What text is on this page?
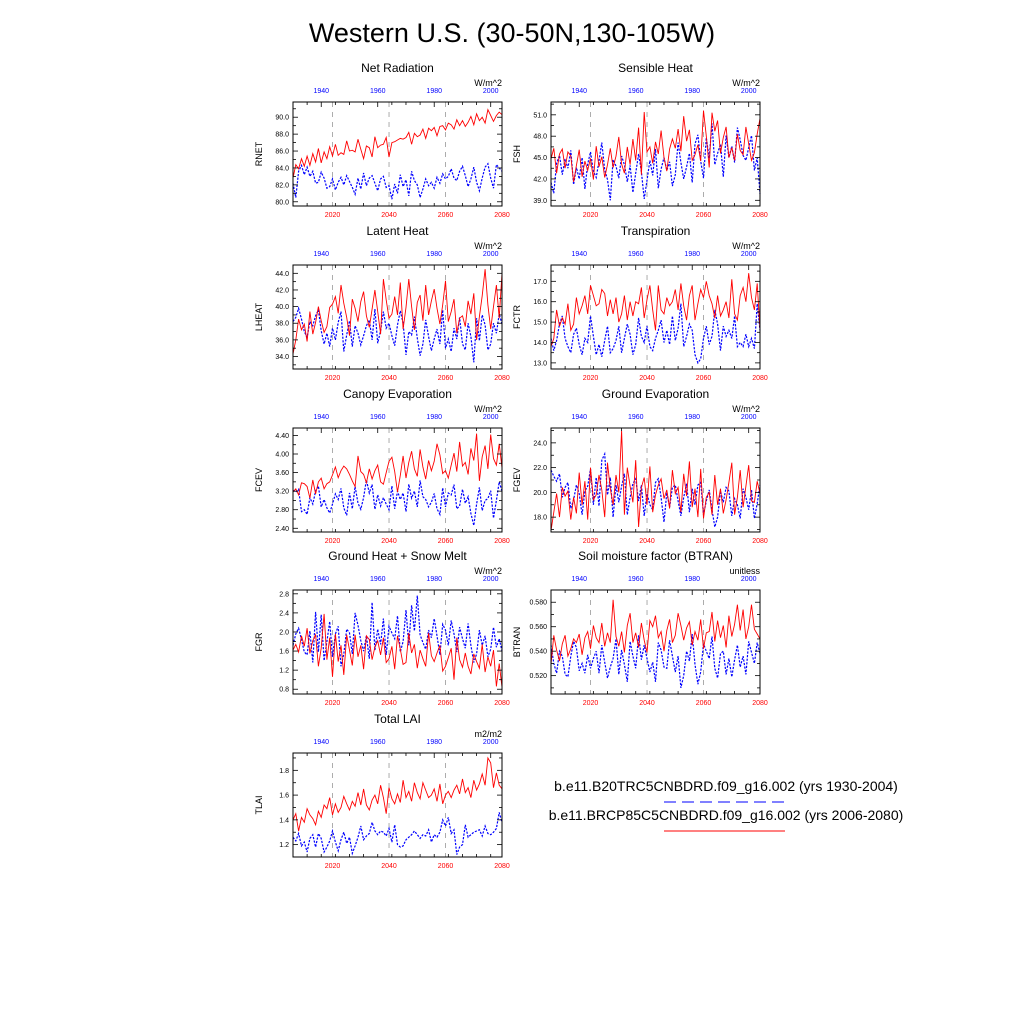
Western U.S. (30-50N,130-105W)
Net Radiation
W/m^2
RNET
80.0
82.0
84.0
86.0
88.0
90.0
2020	2040	2060	2080
1940	1960	1980	2000
Sensible Heat
W/m^2
FSH
39.0
42.0
45.0
48.0
51.0
2020	2040	2060	2080
1940	1960	1980	2000
Latent Heat
W/m^2
LHEAT
34.0
36.0
38.0
40.0
42.0
44.0
2020	2040	2060	2080
1940	1960	1980	2000
Transpiration
W/m^2
FCTR
13.0
14.0
15.0
16.0
17.0
2020	2040	2060	2080
1940	1960	1980	2000
Canopy Evaporation
W/m^2
FCEV
2.40
2.80
3.20
3.60
4.00
4.40
2020	2040	2060	2080
1940	1960	1980	2000
Ground Evaporation
W/m^2
FGEV
18.0
20.0
22.0
24.0
2020	2040	2060	2080
1940	1960	1980	2000
Ground Heat + Snow Melt
W/m^2
FGR
0.8
1.2
1.6
2.0
2.4
2.8
2020	2040	2060	2080
1940	1960	1980	2000
Soil moisture factor (BTRAN)
unitless
BTRAN
0.520
0.540
0.560
0.580
2020	2040	2060	2080
1940	1960	1980	2000
Total LAI
m2/m2
TLAI
1.2
1.4
1.6
1.8
2020	2040	2060	2080
1940	1960	1980	2000
b.e11.B20TRC5CNBDRD.f09_g16.002 (yrs 1930-2004)
b.e11.BRCP85C5CNBDRD.f09_g16.002 (yrs 2006-2080)
